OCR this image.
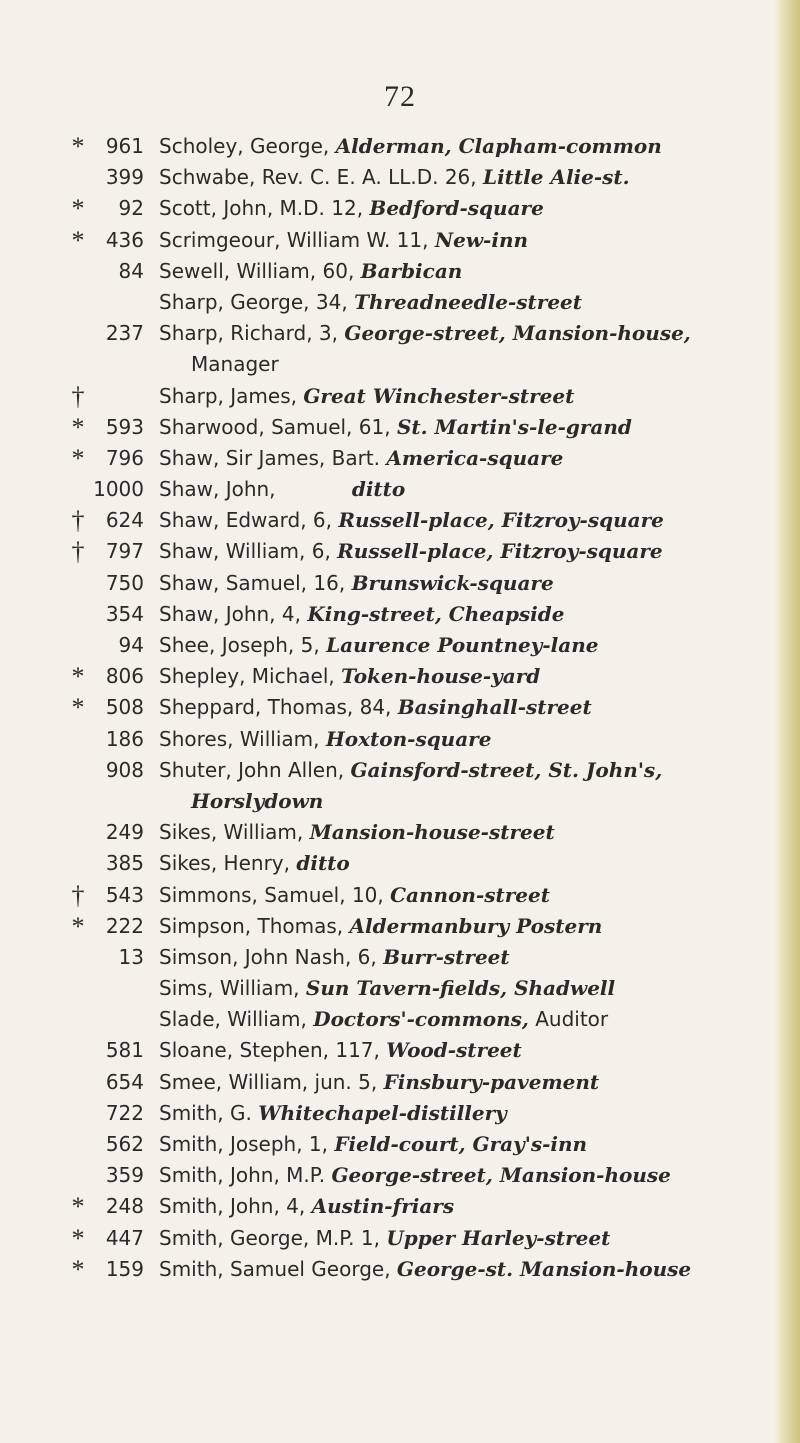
72
*	961 Scholey, George, Alderman, Clapham-common
399 Schwabe, Rev. C. E. A. LL.D. 26, Little Alie-st.
*	92 Scott, John, M.D. 12, Bedford-square
*	436 Scrimgeour, William W. 11, New-inn
84 Sewell, William, 60, Barbican
Sharp, George, 34, Threadneedle-street
237 Sharp, Richard, 3, George-street, Mansion-house,
Manager
†	Sharp, James, Great Winchester-street
*	593 Sharwood, Samuel, 61, St. Martin's-le-grand
*	796 Shaw, Sir James, Bart. America-square
1000 Shaw, John,            ditto
†	624 Shaw, Edward, 6, Russell-place, Fitzroy-square
†	797 Shaw, William, 6, Russell-place, Fitzroy-square
750 Shaw, Samuel, 16, Brunswick-square
354 Shaw, John, 4, King-street, Cheapside
94 Shee, Joseph, 5, Laurence Pountney-lane
*	806 Shepley, Michael, Token-house-yard
*	508 Sheppard, Thomas, 84, Basinghall-street
186 Shores, William, Hoxton-square
908 Shuter, John Allen, Gainsford-street, St. John's,
Horslydown
249 Sikes, William, Mansion-house-street
385 Sikes, Henry, ditto
†	543 Simmons, Samuel, 10, Cannon-street
*	222 Simpson, Thomas, Aldermanbury Postern
13 Simson, John Nash, 6, Burr-street
Sims, William, Sun Tavern-fields, Shadwell
Slade, William, Doctors'-commons, Auditor
581 Sloane, Stephen, 117, Wood-street
654 Smee, William, jun. 5, Finsbury-pavement
722 Smith, G. Whitechapel-distillery
562 Smith, Joseph, 1, Field-court, Gray's-inn
359 Smith, John, M.P. George-street, Mansion-house
*	248 Smith, John, 4, Austin-friars
*	447 Smith, George, M.P. 1, Upper Harley-street
*	159 Smith, Samuel George, George-st. Mansion-house
